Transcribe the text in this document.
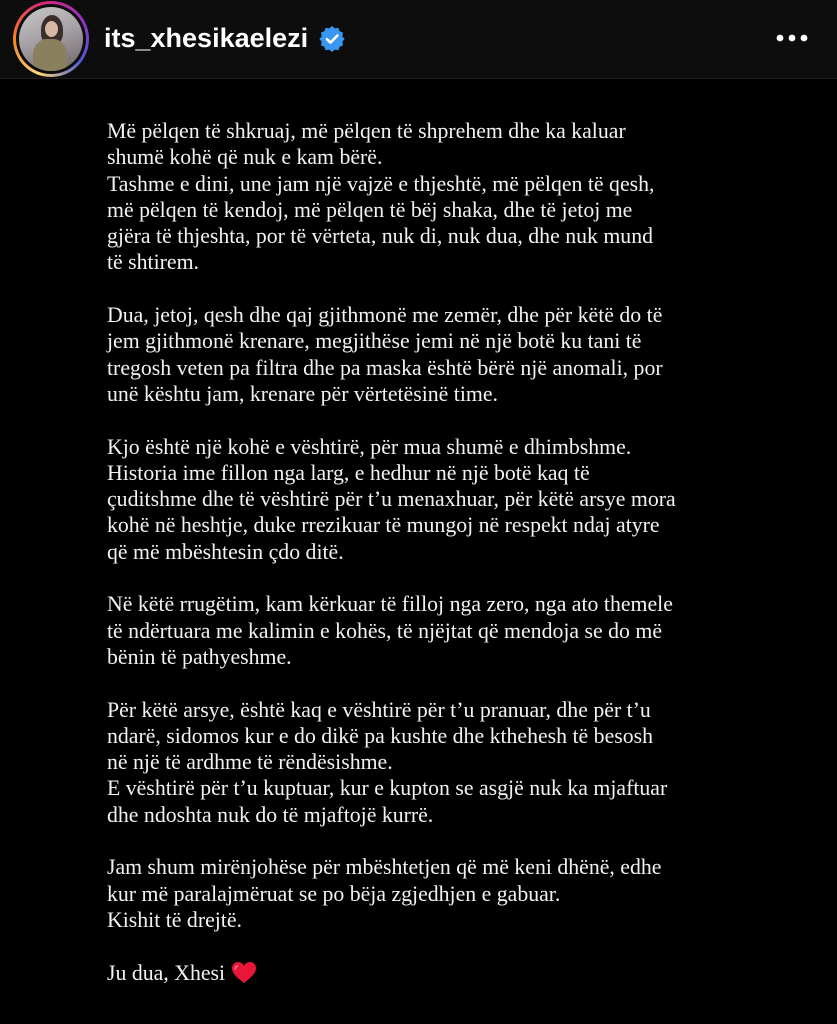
its_xhesikaelezi

Më pëlqen të shkruaj, më pëlqen të shprehem dhe ka kaluar
shumë kohë që nuk e kam bërë.
Tashme e dini, une jam një vajzë e thjeshtë, më pëlqen të qesh,
më pëlqen të kendoj, më pëlqen të bëj shaka, dhe të jetoj me
gjëra të thjeshta, por të vërteta, nuk di, nuk dua, dhe nuk mund
të shtirem.

Dua, jetoj, qesh dhe qaj gjithmonë me zemër, dhe për këtë do të
jem gjithmonë krenare, megjithëse jemi në një botë ku tani të
tregosh veten pa filtra dhe pa maska është bërë një anomali, por
unë kështu jam, krenare për vërtetësinë time.

Kjo është një kohë e vështirë, për mua shumë e dhimbshme.
Historia ime fillon nga larg, e hedhur në një botë kaq të
çuditshme dhe të vështirë për t’u menaxhuar, për këtë arsye mora
kohë në heshtje, duke rrezikuar të mungoj në respekt ndaj atyre
që më mbështesin çdo ditë.

Në këtë rrugëtim, kam kërkuar të filloj nga zero, nga ato themele
të ndërtuara me kalimin e kohës, të njëjtat që mendoja se do më
bënin të pathyeshme.

Për këtë arsye, është kaq e vështirë për t’u pranuar, dhe për t’u
ndarë, sidomos kur e do dikë pa kushte dhe kthehesh të besosh
në një të ardhme të rëndësishme.
E vështirë për t’u kuptuar, kur e kupton se asgjë nuk ka mjaftuar
dhe ndoshta nuk do të mjaftojë kurrë.

Jam shum mirënjohëse për mbështetjen që më keni dhënë, edhe
kur më paralajmëruat se po bëja zgjedhjen e gabuar.
Kishit të drejtë.

Ju dua, Xhesi
